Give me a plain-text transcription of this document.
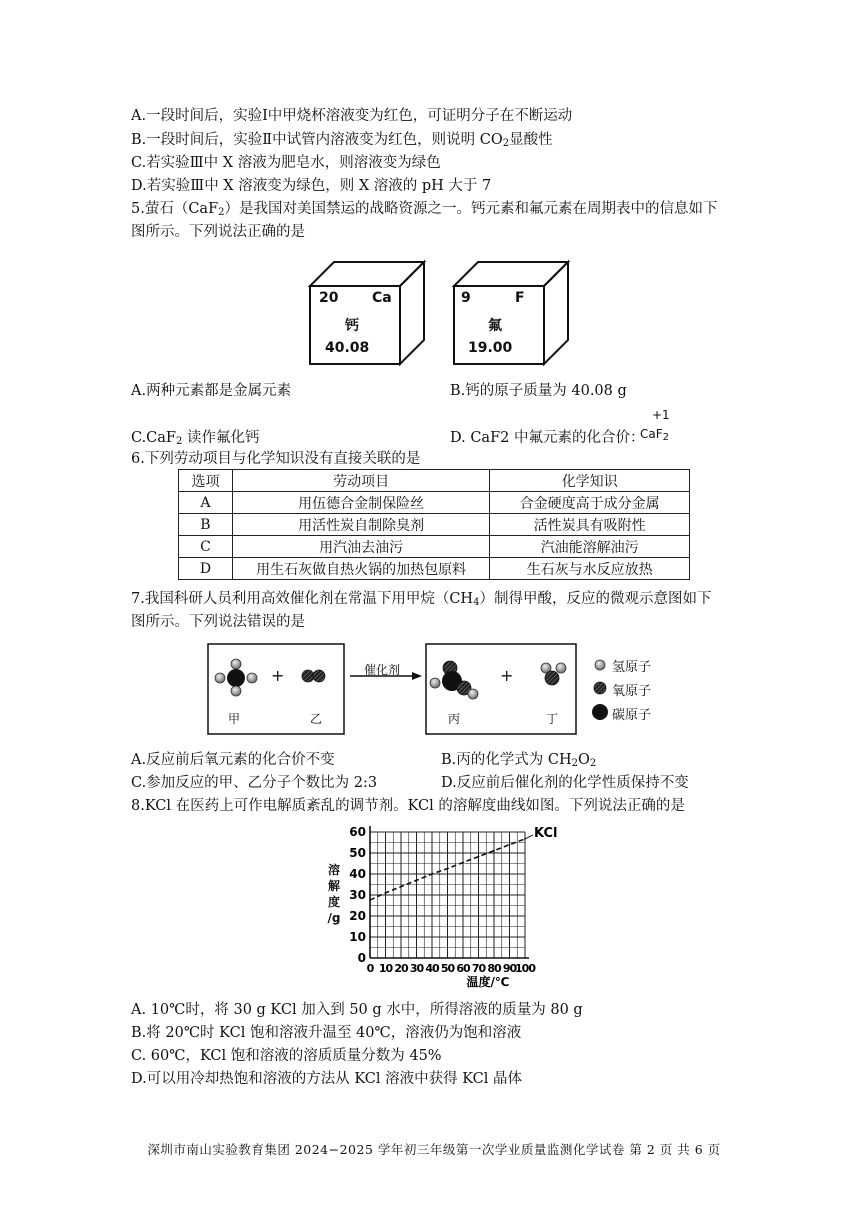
A.一段时间后，实验Ⅰ中甲烧杯溶液变为红色，可证明分子在不断运动
B.一段时间后，实验Ⅱ中试管内溶液变为红色，则说明 $CO_2$显酸性
C.若实验Ⅲ中 X 溶液为肥皂水，则溶液变为绿色
D.若实验Ⅲ中 X 溶液变为绿色，则 X 溶液的 pH 大于 7
5.萤石（CaF$_2$）是我国对美国禁运的战略资源之一。钙元素和氟元素在周期表中的信息如下
图所示。下列说法正确的是
20 Ca
钙
40.08
9	F
氟
19.00
A.两种元素都是金属元素	B.钙的原子质量为 40.08 g
C.CaF$_2$ 读作氟化钙	D. CaF2 中氟元素的化合价：
+1
CaF$_2$
6.下列劳动项目与化学知识没有直接关联的是
选项	劳动项目	化学知识
A	用伍德合金制保险丝	合金硬度高于成分金属
B	用活性炭自制除臭剂	活性炭具有吸附性
C	用汽油去油污	汽油能溶解油污
D	用生石灰做自热火锅的加热包原料	生石灰与水反应放热
7.我国科研人员利用高效催化剂在常温下用甲烷$(CH_4)$制得甲酸，反应的微观示意图如下
图所示。下列说法错误的是
催化剂
+	+
甲	乙	丙	丁
氢原子
氧原子
碳原子
A.反应前后氧元素的化合价不变	B.丙的化学式为 $CH_2O_2$
C.参加反应的甲、乙分子个数比为 2:3	D.反应前后催化剂的化学性质保持不变
8.KCl 在医药上可作电解质紊乱的调节剂。KCl 的溶解度曲线如图。下列说法正确的是
0
10
20
30
40
50
60
0 10 20 30 40 50 60 70 80 90
100
温度/℃
KCl
溶
解
度
/g
A. 10℃时，将 30 g KCl 加入到 50 g 水中，所得溶液的质量为 80 g
B.将 20℃时 KCl 饱和溶液升温至 40℃，溶液仍为饱和溶液
C. 60℃，KCl 饱和溶液的溶质质量分数为 45%
D.可以用冷却热饱和溶液的方法从 KCl 溶液中获得 KCl 晶体
深圳市南山实验教育集团 2024−2025 学年初三年级第一次学业质量监测化学试卷 第 2 页 共 6 页
